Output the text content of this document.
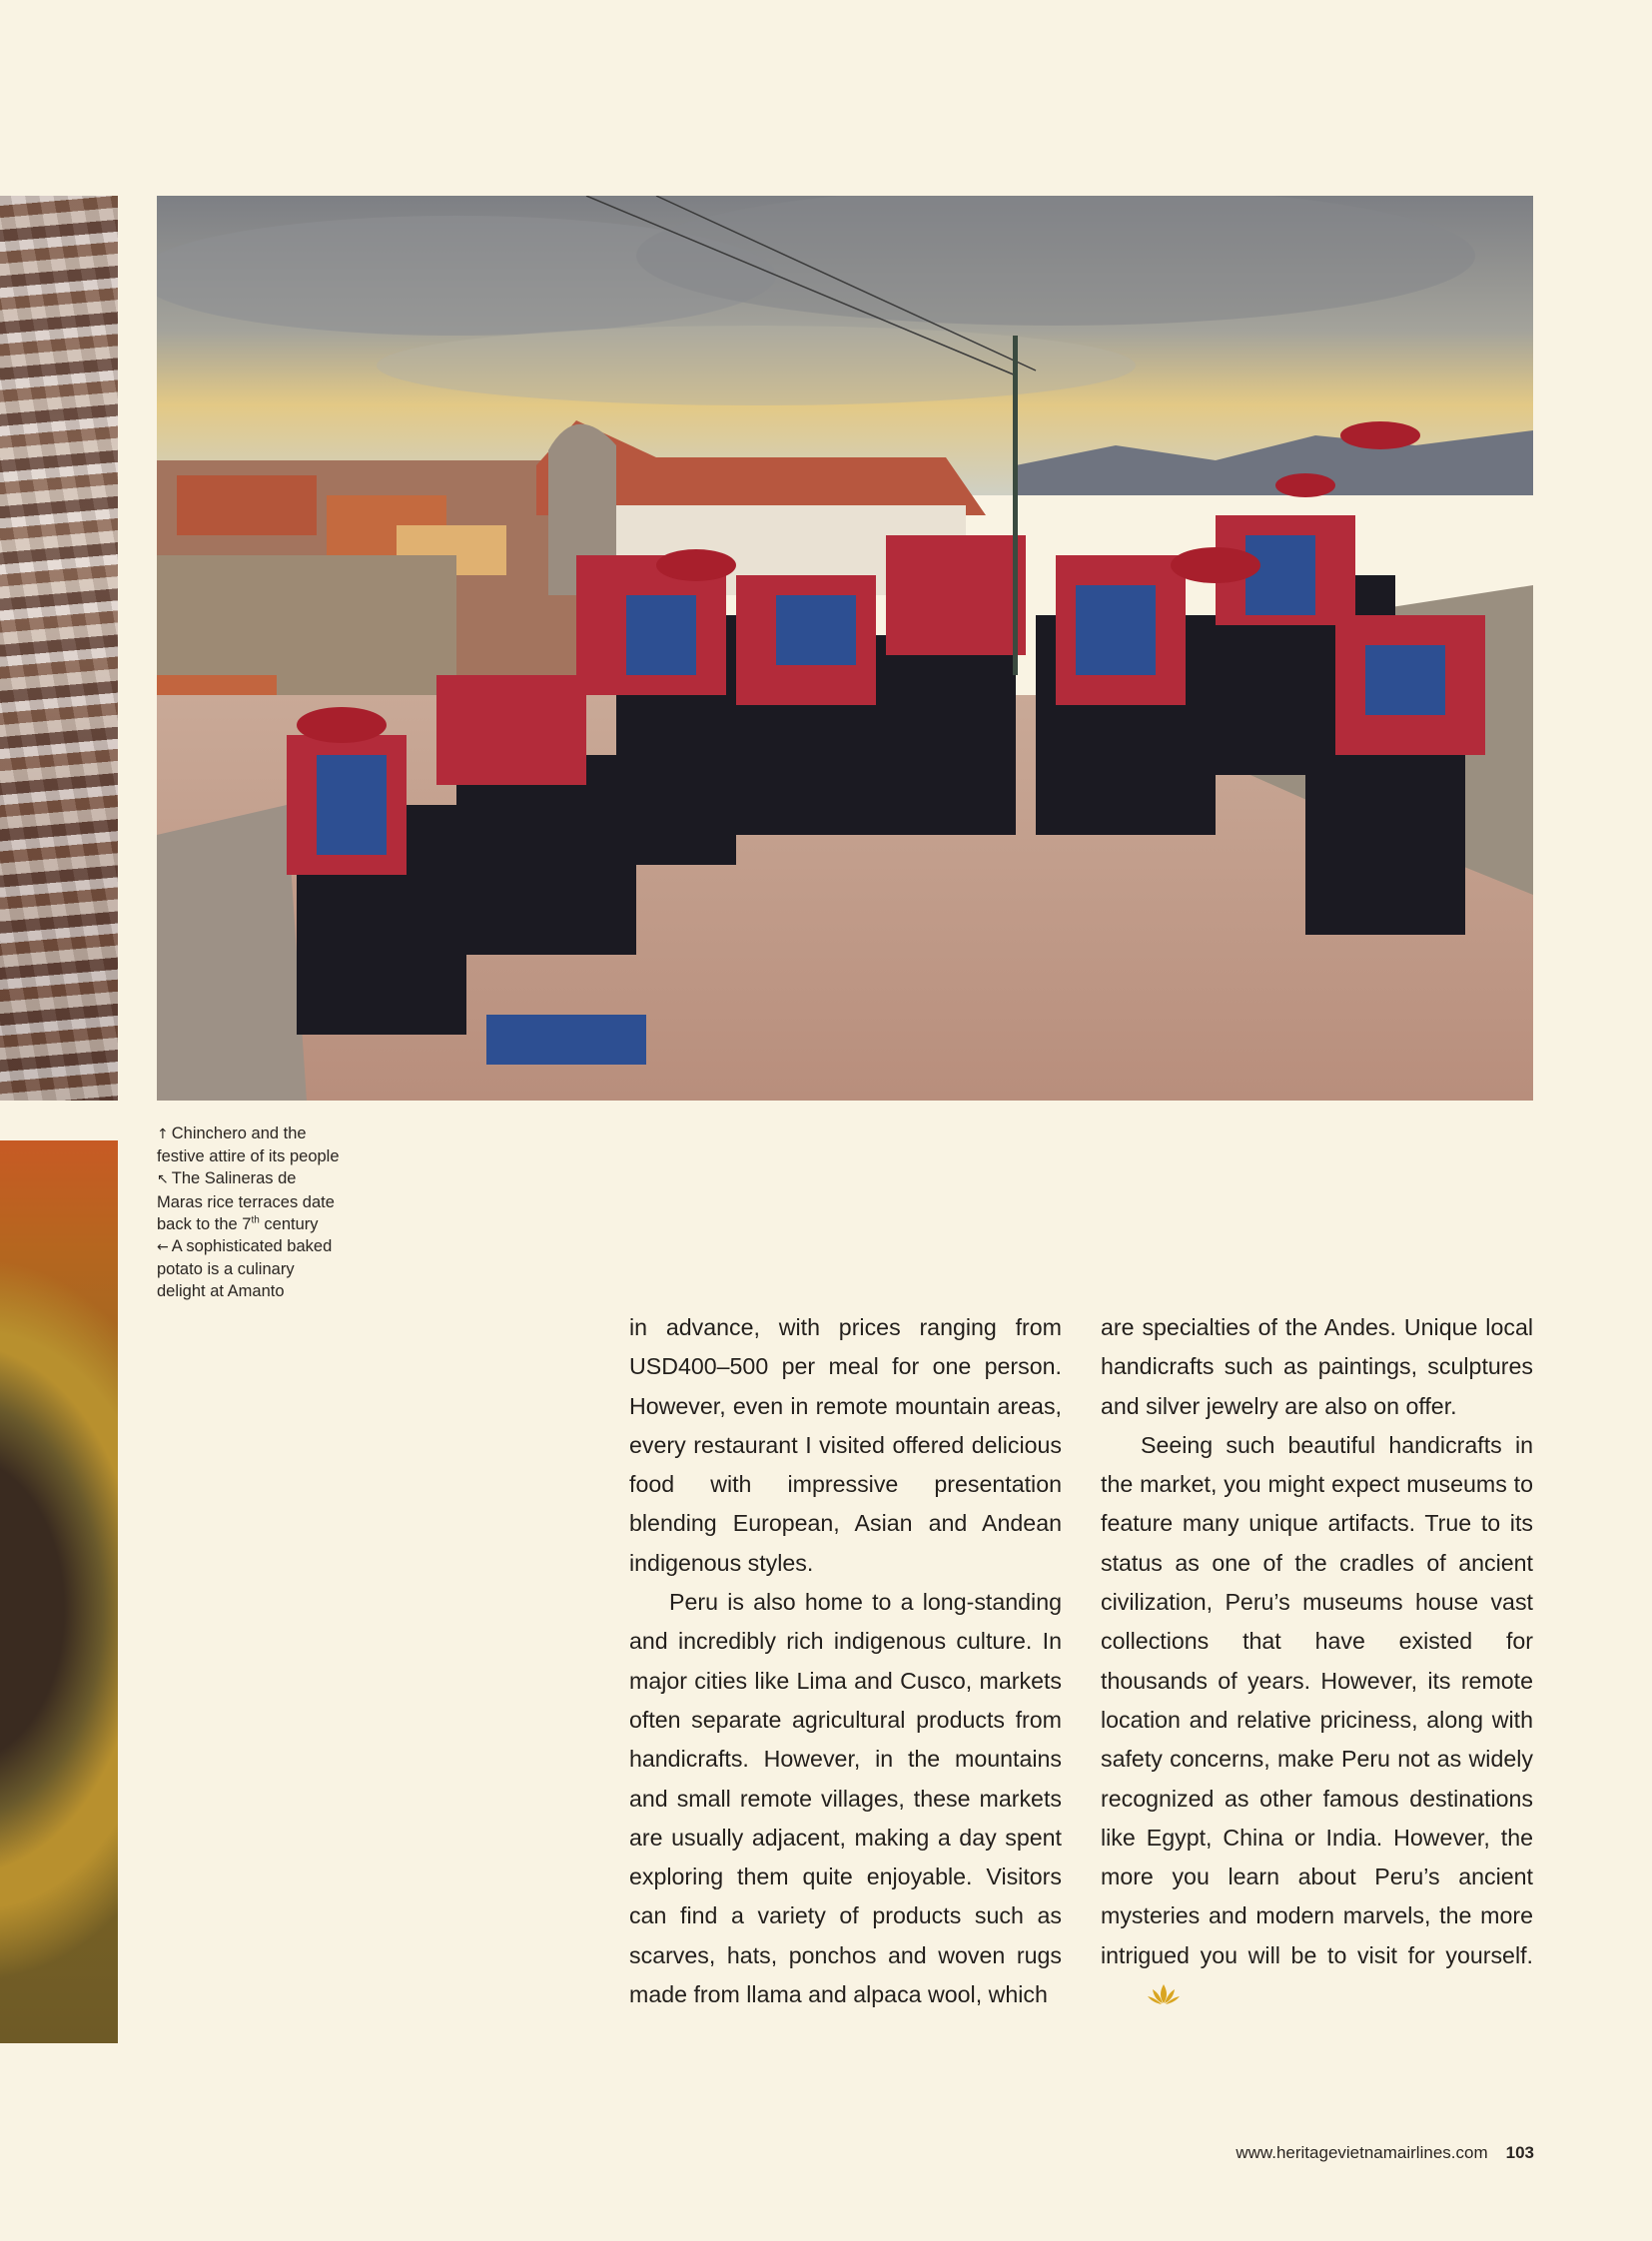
↑ Chinchero and the festive attire of its people

↖ The Salineras de Maras rice terraces date back to the 7th century

← A sophisticated baked potato is a culinary delight at Amanto

in advance, with prices ranging from USD400–500 per meal for one person. However, even in remote mountain areas, every restaurant I visited offered delicious food with impressive presentation blending European, Asian and Andean indigenous styles.

Peru is also home to a long-standing and incredibly rich indigenous culture. In major cities like Lima and Cusco, markets often separate agricultural products from handicrafts. However, in the mountains and small remote villages, these markets are usually adjacent, making a day spent exploring them quite enjoyable. Visitors can find a variety of products such as scarves, hats, ponchos and woven rugs made from llama and alpaca wool, which

are specialties of the Andes. Unique local handicrafts such as paintings, sculptures and silver jewelry are also on offer.

Seeing such beautiful handicrafts in the market, you might expect museums to feature many unique artifacts. True to its status as one of the cradles of ancient civilization, Peru’s museums house vast collections that have existed for thousands of years. However, its remote location and relative priciness, along with safety concerns, make Peru not as widely recognized as other famous destinations like Egypt, China or India. However, the more you learn about Peru’s ancient mysteries and modern marvels, the more intrigued you will be to visit for yourself.

www.heritagevietnamairlines.com 103
